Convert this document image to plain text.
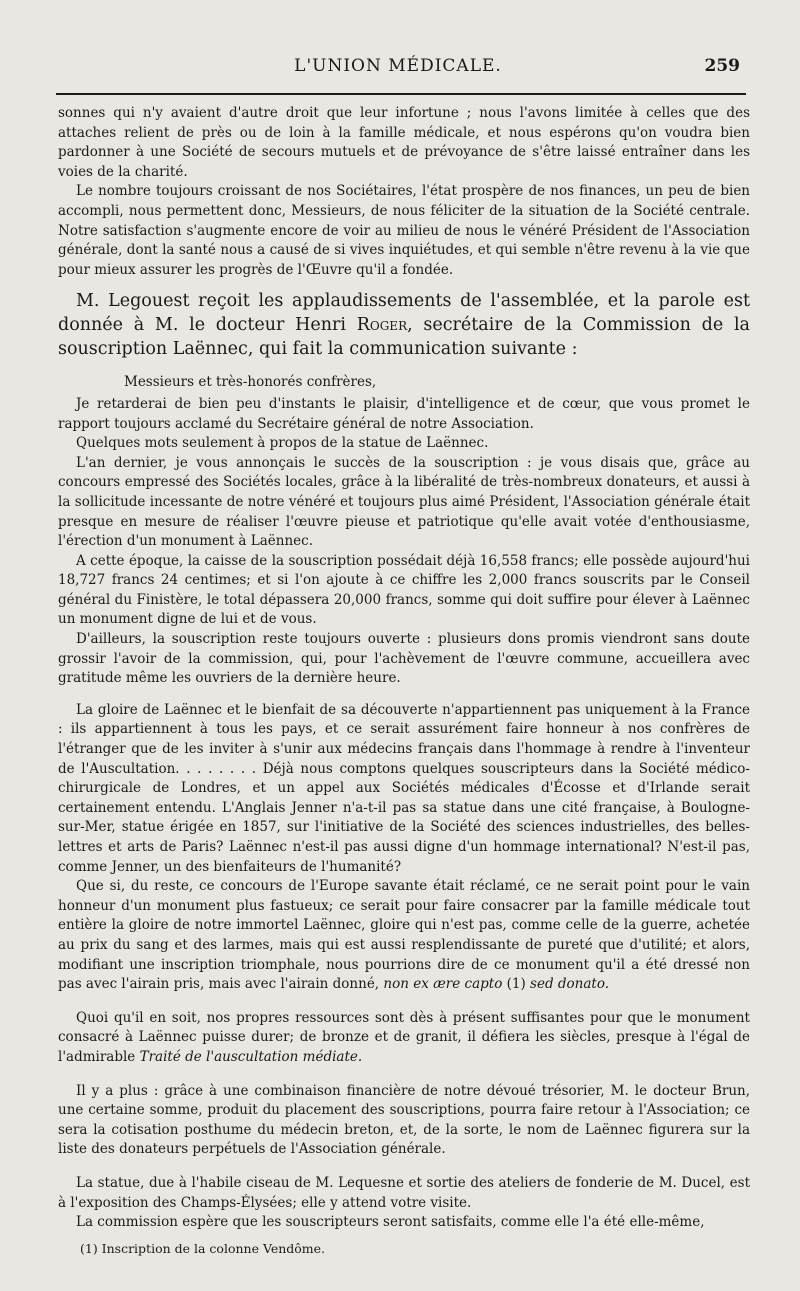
L'UNION MÉDICALE.	259

sonnes qui n'y avaient d'autre droit que leur infortune ; nous l'avons limitée à celles que des attaches relient de près ou de loin à la famille médicale, et nous espérons qu'on voudra bien pardonner à une Société de secours mutuels et de prévoyance de s'être laissé entraîner dans les voies de la charité.

Le nombre toujours croissant de nos Sociétaires, l'état prospère de nos finances, un peu de bien accompli, nous permettent donc, Messieurs, de nous féliciter de la situation de la Société centrale. Notre satisfaction s'augmente encore de voir au milieu de nous le vénéré Président de l'Association générale, dont la santé nous a causé de si vives inquiétudes, et qui semble n'être revenu à la vie que pour mieux assurer les progrès de l'Œuvre qu'il a fondée.

M. Legouest reçoit les applaudissements de l'assemblée, et la parole est donnée à M. le docteur Henri Roger, secrétaire de la Commission de la souscription Laënnec, qui fait la communication suivante :

Messieurs et très-honorés confrères,

Je retarderai de bien peu d'instants le plaisir, d'intelligence et de cœur, que vous promet le rapport toujours acclamé du Secrétaire général de notre Association.

Quelques mots seulement à propos de la statue de Laënnec.

L'an dernier, je vous annonçais le succès de la souscription : je vous disais que, grâce au concours empressé des Sociétés locales, grâce à la libéralité de très-nombreux donateurs, et aussi à la sollicitude incessante de notre vénéré et toujours plus aimé Président, l'Association générale était presque en mesure de réaliser l'œuvre pieuse et patriotique qu'elle avait votée d'enthousiasme, l'érection d'un monument à Laënnec.

A cette époque, la caisse de la souscription possédait déjà 16,558 francs; elle possède aujourd'hui 18,727 francs 24 centimes; et si l'on ajoute à ce chiffre les 2,000 francs souscrits par le Conseil général du Finistère, le total dépassera 20,000 francs, somme qui doit suffire pour élever à Laënnec un monument digne de lui et de vous.

D'ailleurs, la souscription reste toujours ouverte : plusieurs dons promis viendront sans doute grossir l'avoir de la commission, qui, pour l'achèvement de l'œuvre commune, accueillera avec gratitude même les ouvriers de la dernière heure.

La gloire de Laënnec et le bienfait de sa découverte n'appartiennent pas uniquement à la France : ils appartiennent à tous les pays, et ce serait assurément faire honneur à nos confrères de l'étranger que de les inviter à s'unir aux médecins français dans l'hommage à rendre à l'inventeur de l'Auscultation. . . . . . . . Déjà nous comptons quelques souscripteurs dans la Société médico-chirurgicale de Londres, et un appel aux Sociétés médicales d'Écosse et d'Irlande serait certainement entendu. L'Anglais Jenner n'a-t-il pas sa statue dans une cité française, à Boulogne-sur-Mer, statue érigée en 1857, sur l'initiative de la Société des sciences industrielles, des belles-lettres et arts de Paris? Laënnec n'est-il pas aussi digne d'un hommage international? N'est-il pas, comme Jenner, un des bienfaiteurs de l'humanité?

Que si, du reste, ce concours de l'Europe savante était réclamé, ce ne serait point pour le vain honneur d'un monument plus fastueux; ce serait pour faire consacrer par la famille médicale tout entière la gloire de notre immortel Laënnec, gloire qui n'est pas, comme celle de la guerre, achetée au prix du sang et des larmes, mais qui est aussi resplendissante de pureté que d'utilité; et alors, modifiant une inscription triomphale, nous pourrions dire de ce monument qu'il a été dressé non pas avec l'airain pris, mais avec l'airain donné, non ex ære capto (1) sed donato.

Quoi qu'il en soit, nos propres ressources sont dès à présent suffisantes pour que le monument consacré à Laënnec puisse durer; de bronze et de granit, il défiera les siècles, presque à l'égal de l'admirable Traité de l'auscultation médiate.

Il y a plus : grâce à une combinaison financière de notre dévoué trésorier, M. le docteur Brun, une certaine somme, produit du placement des souscriptions, pourra faire retour à l'Association; ce sera la cotisation posthume du médecin breton, et, de la sorte, le nom de Laënnec figurera sur la liste des donateurs perpétuels de l'Association générale.

La statue, due à l'habile ciseau de M. Lequesne et sortie des ateliers de fonderie de M. Ducel, est à l'exposition des Champs-Élysées; elle y attend votre visite.

La commission espère que les souscripteurs seront satisfaits, comme elle l'a été elle-même,

(1) Inscription de la colonne Vendôme.
